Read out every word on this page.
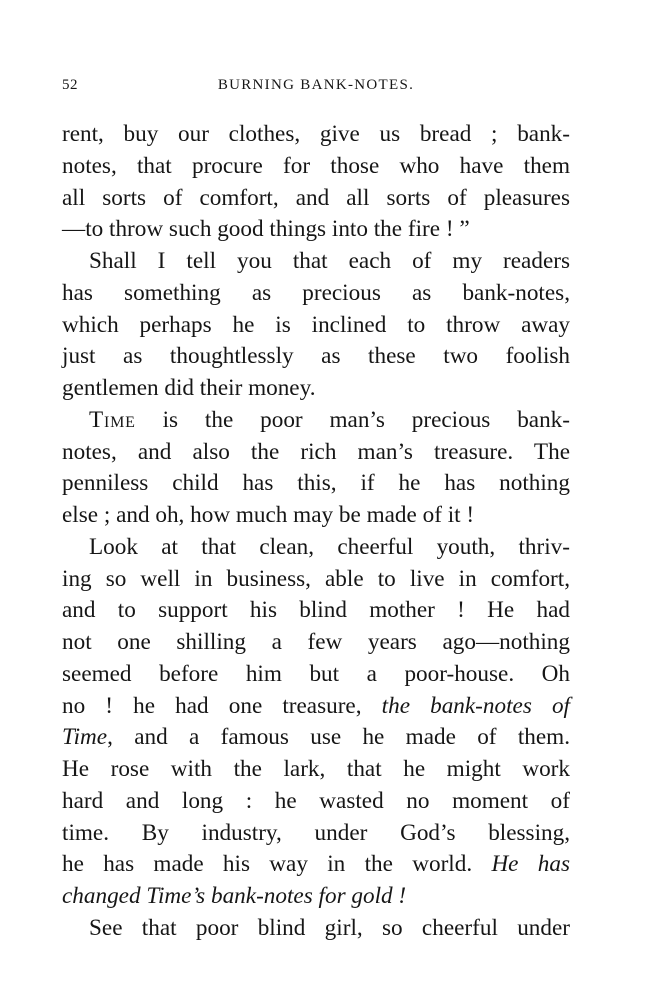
52	BURNING BANK-NOTES.
rent, buy our clothes, give us bread ; bank-
notes, that procure for those who have them
all sorts of comfort, and all sorts of pleasures
—to throw such good things into the fire ! ”
Shall I tell you that each of my readers
has something as precious as bank-notes,
which perhaps he is inclined to throw away
just as thoughtlessly as these two foolish
gentlemen did their money.
Time is the poor man’s precious bank-
notes, and also the rich man’s treasure. The
penniless child has this, if he has nothing
else ; and oh, how much may be made of it !
Look at that clean, cheerful youth, thriv-
ing so well in business, able to live in comfort,
and to support his blind mother ! He had
not one shilling a few years ago—nothing
seemed before him but a poor-house. Oh
no ! he had one treasure, the bank-notes of
Time, and a famous use he made of them.
He rose with the lark, that he might work
hard and long : he wasted no moment of
time. By industry, under God’s blessing,
he has made his way in the world. He has
changed Time’s bank-notes for gold !
See that poor blind girl, so cheerful under
